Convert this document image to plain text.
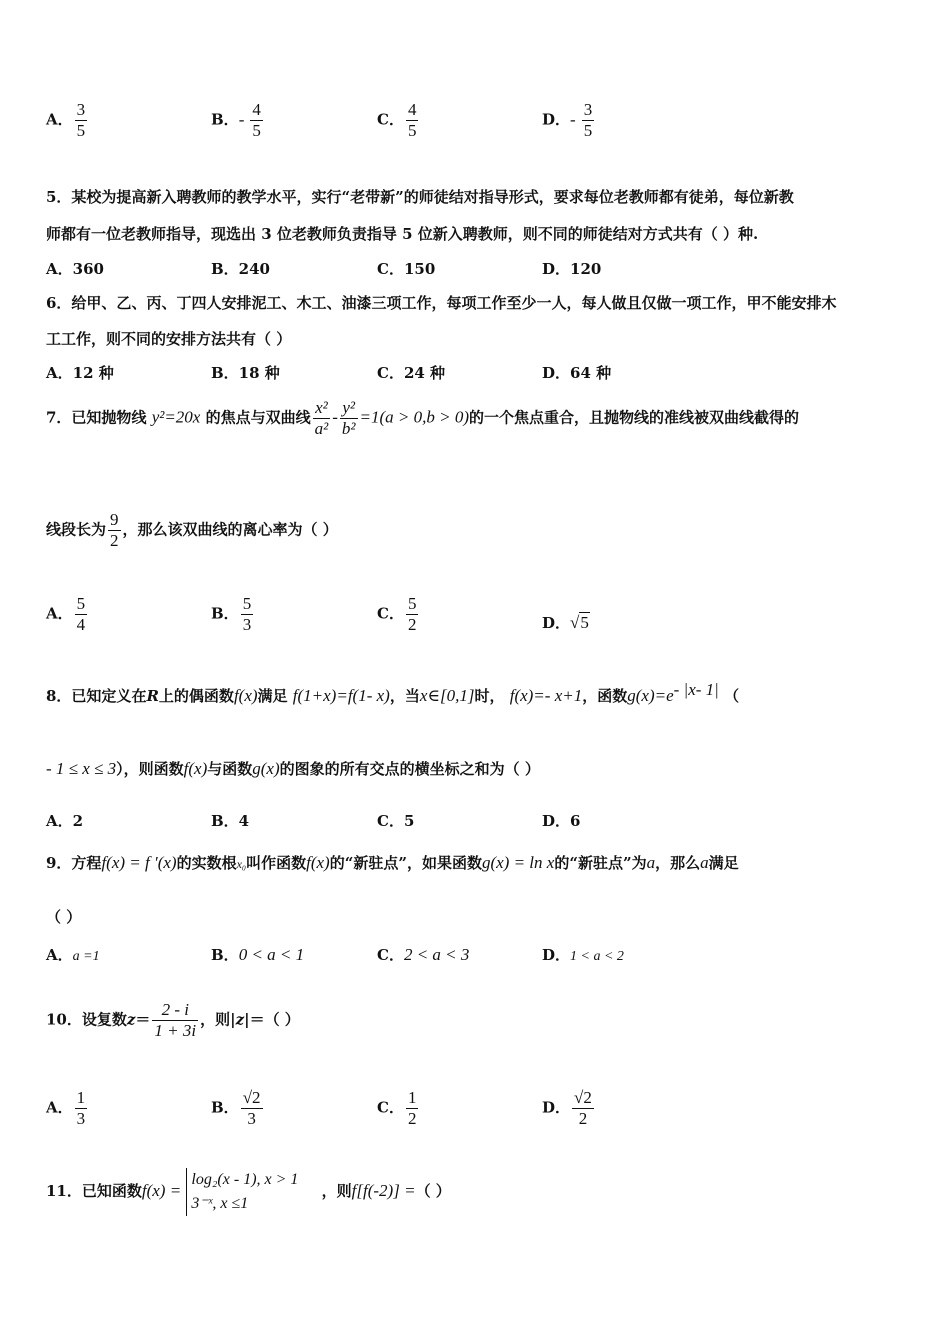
A． $\frac{3}{5}$	B．- $\frac{4}{5}$	C． $\frac{4}{5}$	D．- $\frac{3}{5}$
5．某校为提高新入聘教师的教学水平，实行“老带新”的师徒结对指导形式，要求每位老教师都有徒弟，每位新教
师都有一位老教师指导，现选出 3 位老教师负责指导 5 位新入聘教师，则不同的师徒结对方式共有（ ）种.
A．360	B．240	C．150	D．120
6．给甲、乙、丙、丁四人安排泥工、木工、油漆三项工作，每项工作至少一人，每人做且仅做一项工作，甲不能安排木
工工作，则不同的安排方法共有（ ）
A．12 种	B．18 种	C．24 种	D．64 种
7．已知抛物线 y²=20x 的焦点与双曲线 $\frac{\text{x²}}{\text{a²}} - \frac{\text{y²}}{\text{b²}} =1(a > 0,b > 0)$的一个焦点重合，且抛物线的准线被双曲线截得的
线段长为 $\frac{9}{2}$ ，那么该双曲线的离心率为（ ）
A． $\frac{5}{4}$	B． $\frac{5}{3}$	C． $\frac{5}{2}$	D．√5
8．已知定义在R上的偶函数f(x)满足 f(1+x)=f(1- x)，当x∈[0,1]时， f(x)=- x+1，函数$g(x)=e^{- |x- 1|}$ （
- 1 ≤ x ≤ 3），则函数f(x)与函数g(x)的图象的所有交点的横坐标之和为（ ）
A．2	B．4	C．5	D．6
9．方程f(x) = f ′(x)的实数根x₀叫作函数f(x)的“新驻点”，如果函数g(x) = ln x的“新驻点”为a，那么a满足
（ ）
A．a =1	B．0 < a < 1	C．2 < a < 3	D．1 < a < 2
10．设复数$z= \frac{2 - i}{1 + 3i}$ ，则|z|＝（ ）
A． $\frac{1}{3}$	B． $\frac{√2}{3}$	C． $\frac{1}{2}$	D． $\frac{√2}{2}$
11．已知函数f(x) =
log₂(x - 1), x > 1
3⁻ˣ, x ≤1
，则f[f(-2)] =（ ）
